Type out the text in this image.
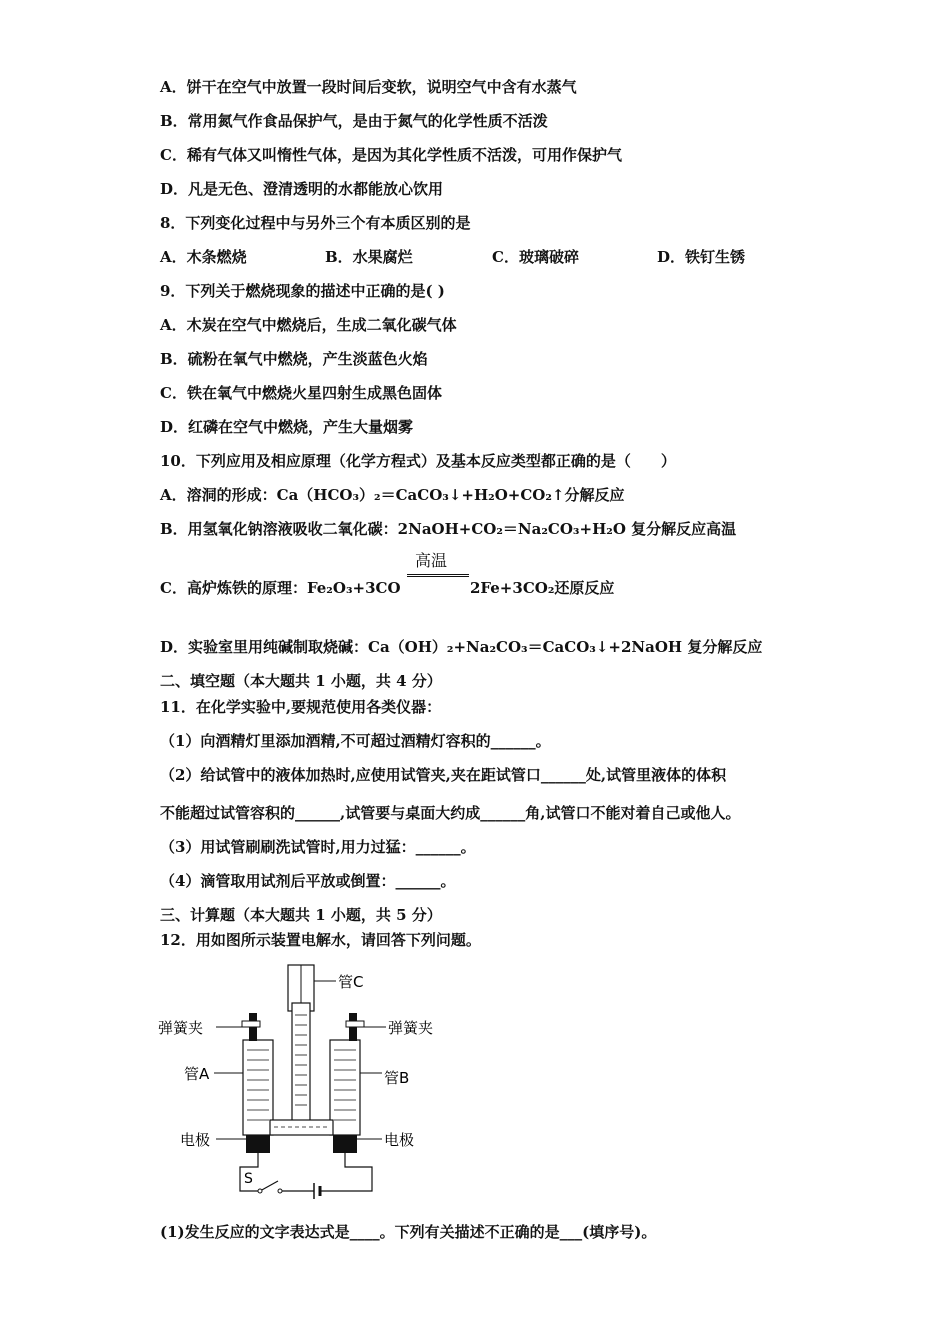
A．饼干在空气中放置一段时间后变软，说明空气中含有水蒸气
B．常用氮气作食品保护气，是由于氮气的化学性质不活泼
C．稀有气体又叫惰性气体，是因为其化学性质不活泼，可用作保护气
D．凡是无色、澄清透明的水都能放心饮用
8．下列变化过程中与另外三个有本质区别的是
A．木条燃烧	B．水果腐烂	C．玻璃破碎	D．铁钉生锈
9．下列关于燃烧现象的描述中正确的是( )
A．木炭在空气中燃烧后，生成二氧化碳气体
B．硫粉在氧气中燃烧，产生淡蓝色火焰
C．铁在氧气中燃烧火星四射生成黑色固体
D．红磷在空气中燃烧，产生大量烟雾
10．下列应用及相应原理（化学方程式）及基本反应类型都正确的是（　　）
A．溶洞的形成：Ca（HCO₃）₂＝CaCO₃↓+H₂O+CO₂↑分解反应
B．用氢氧化钠溶液吸收二氧化碳：2NaOH+CO₂＝Na₂CO₃+H₂O 复分解反应高温
高温
C．高炉炼铁的原理：Fe₂O₃+3CO	2Fe+3CO₂还原反应
D．实验室里用纯碱制取烧碱：Ca（OH）₂+Na₂CO₃＝CaCO₃↓+2NaOH 复分解反应
二、填空题（本大题共 1 小题，共 4 分）
11．在化学实验中,要规范使用各类仪器：
（1）向酒精灯里添加酒精,不可超过酒精灯容积的______。
（2）给试管中的液体加热时,应使用试管夹,夹在距试管口______处,试管里液体的体积
不能超过试管容积的______,试管要与桌面大约成______角,试管口不能对着自己或他人。
（3）用试管刷刷洗试管时,用力过猛：______。
（4）滴管取用试剂后平放或倒置：______。
三、计算题（本大题共 1 小题，共 5 分）
12．用如图所示装置电解水，请回答下列问题。
管C
弹簧夹	弹簧夹
管A	管B
电极	电极
S
(1)发生反应的文字表达式是____。下列有关描述不正确的是___(填序号)。
